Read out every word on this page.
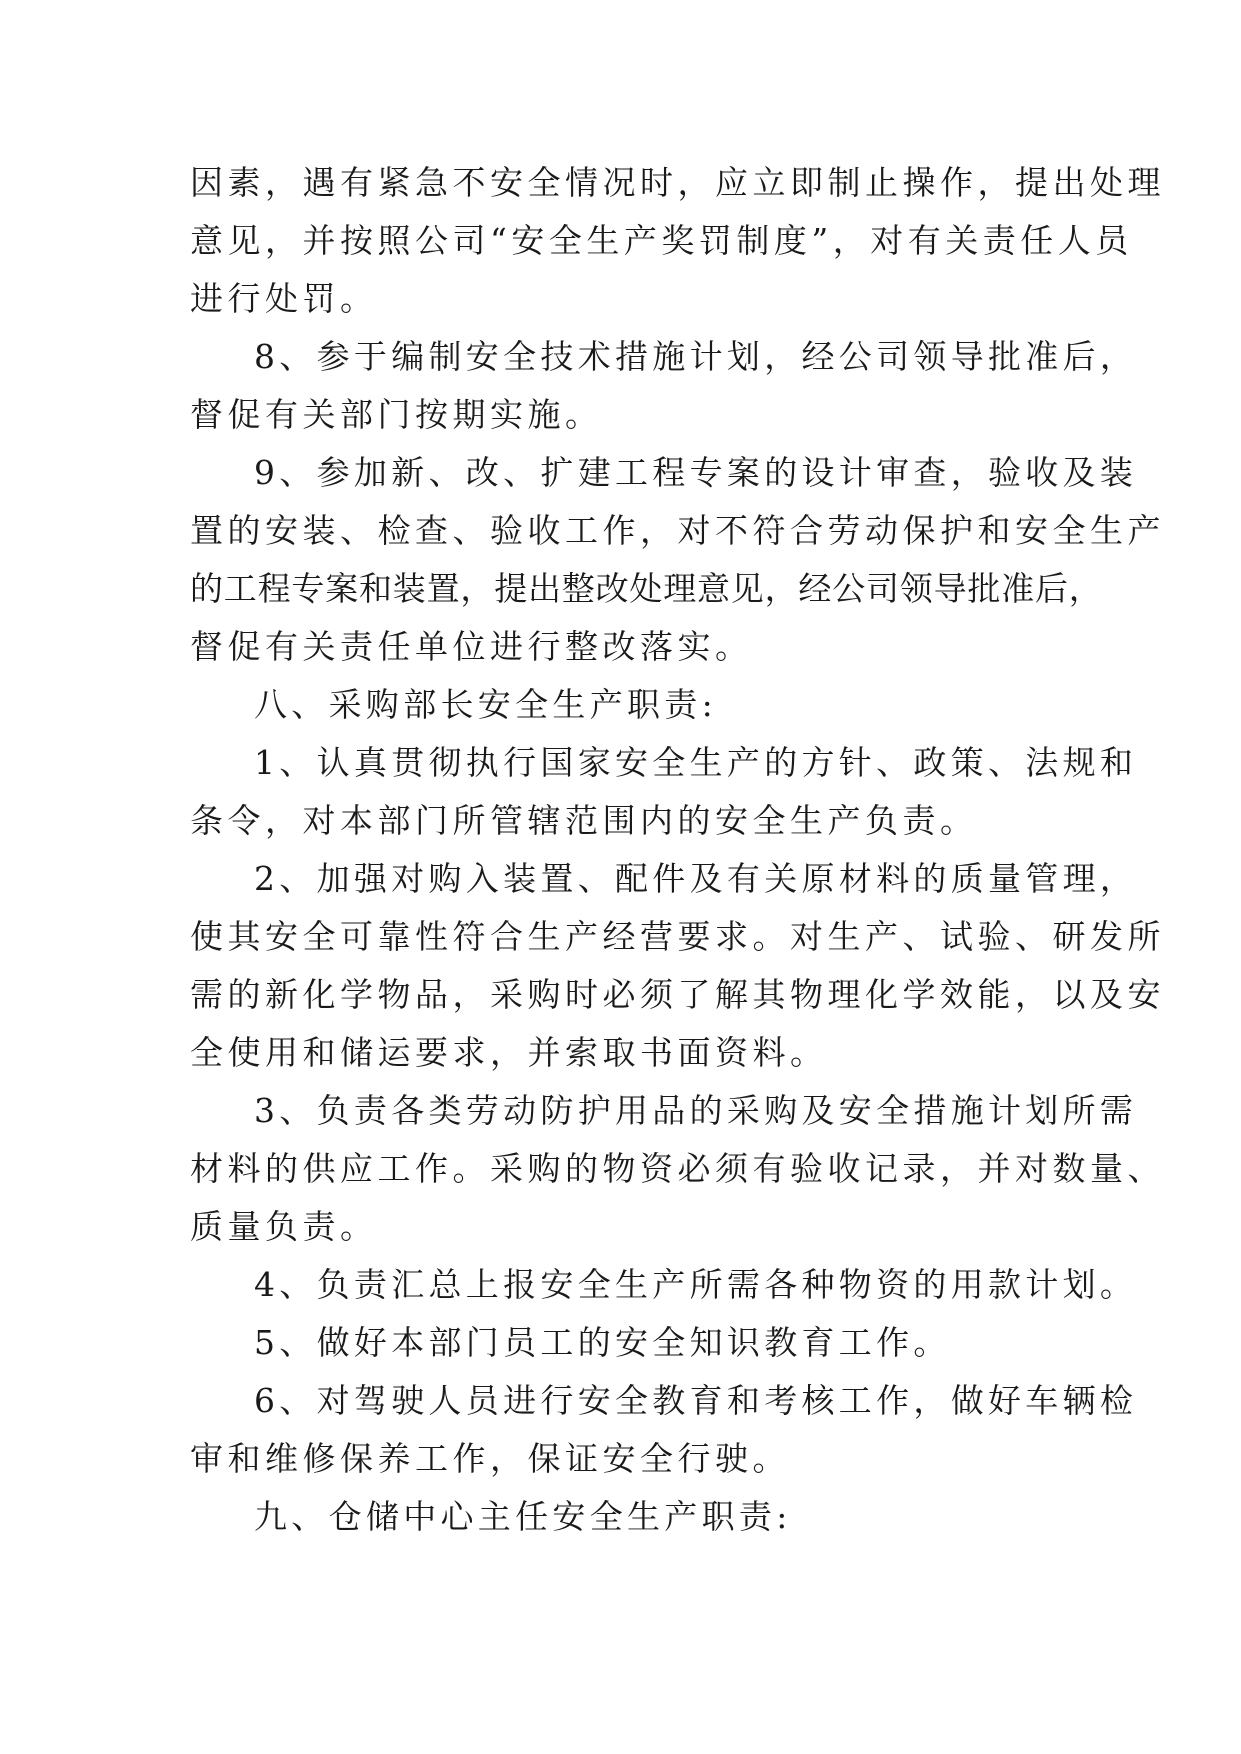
因素，遇有紧急不安全情况时，应立即制止操作，提出处理
意见，并按照公司“安全生产奖罚制度”，对有关责任人员
进行处罚。
8、参于编制安全技术措施计划，经公司领导批准后，
督促有关部门按期实施。
9、参加新、改、扩建工程专案的设计审查，验收及装
置的安装、检查、验收工作，对不符合劳动保护和安全生产
的工程专案和装置，提出整改处理意见，经公司领导批准后，
督促有关责任单位进行整改落实。
八、采购部长安全生产职责:
1、认真贯彻执行国家安全生产的方针、政策、法规和
条令，对本部门所管辖范围内的安全生产负责。
2、加强对购入装置、配件及有关原材料的质量管理，
使其安全可靠性符合生产经营要求。对生产、试验、研发所
需的新化学物品，采购时必须了解其物理化学效能，以及安
全使用和储运要求，并索取书面资料。
3、负责各类劳动防护用品的采购及安全措施计划所需
材料的供应工作。采购的物资必须有验收记录，并对数量、
质量负责。
4、负责汇总上报安全生产所需各种物资的用款计划。
5、做好本部门员工的安全知识教育工作。
6、对驾驶人员进行安全教育和考核工作，做好车辆检
审和维修保养工作，保证安全行驶。
九、仓储中心主任安全生产职责:
